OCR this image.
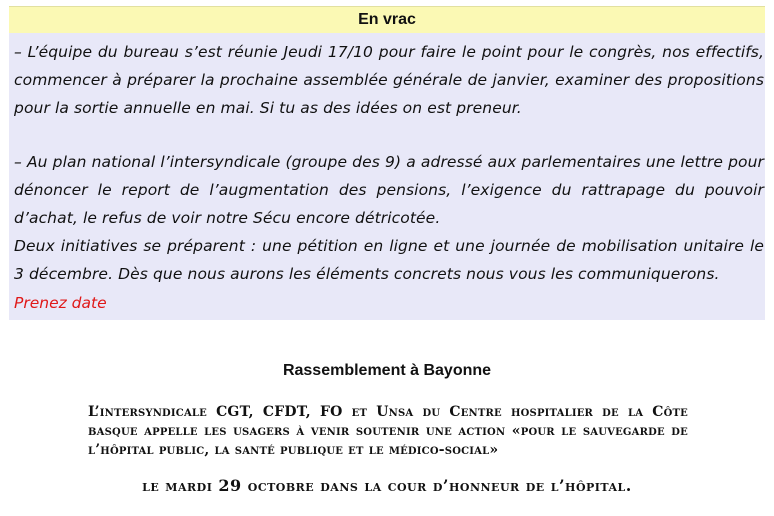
En vrac
– L’équipe du bureau s’est réunie Jeudi 17/10 pour faire le point pour le congrès, nos effectifs, commencer à préparer la prochaine assemblée générale de janvier, examiner des propositions pour la sortie annuelle en mai. Si tu as des idées on est preneur.
– Au plan national l’intersyndicale (groupe des 9) a adressé aux parlementaires une lettre pour dénoncer le report de l’augmentation des pensions, l’exigence du rattrapage du pouvoir d’achat, le refus de voir notre Sécu encore détricotée.
Deux initiatives se préparent : une pétition en ligne et une journée de mobilisation unitaire le 3 décembre. Dès que nous aurons les éléments concrets nous vous les communiquerons.
Prenez date
Rassemblement à Bayonne
L’intersyndicale CGT, CFDT, FO et Unsa du Centre hospitalier de la Côte basque appelle les usagers à venir soutenir une action «pour le sauvegarde de l’hôpital public, la santé publique et le médico-social»
le mardi 29 octobre dans la cour d’honneur de l’hôpital.
